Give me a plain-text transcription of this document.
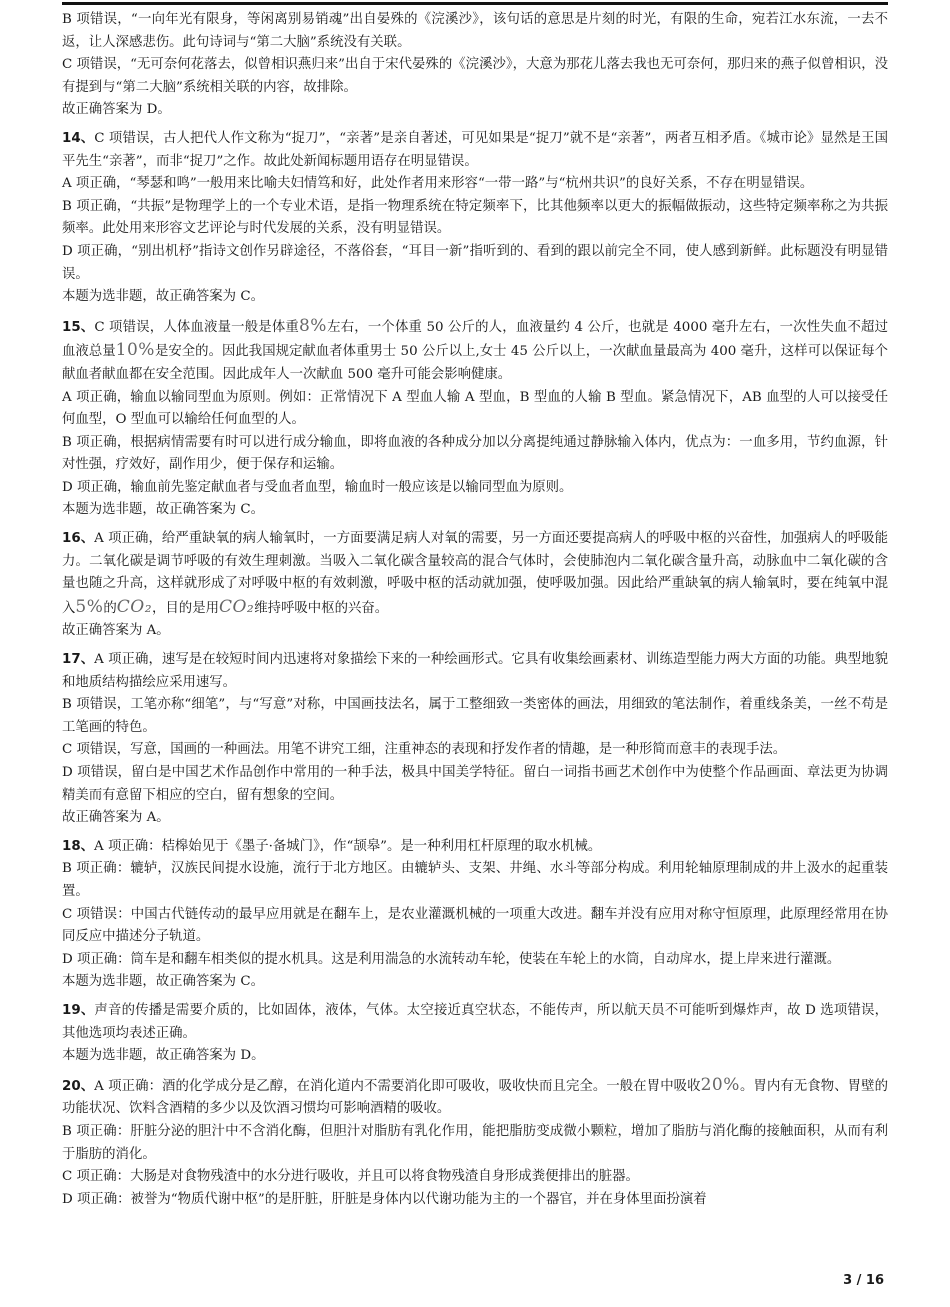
B 项错误，“一向年光有限身，等闲离别易销魂”出自晏殊的《浣溪沙》，该句话的意思是片刻的时光，有限的生命，宛若江水东流，一去不返，让人深感悲伤。此句诗词与“第二大脑”系统没有关联。

C 项错误，“无可奈何花落去，似曾相识燕归来”出自于宋代晏殊的《浣溪沙》，大意为那花儿落去我也无可奈何，那归来的燕子似曾相识，没有提到与“第二大脑”系统相关联的内容，故排除。

故正确答案为 D。

14、C 项错误，古人把代人作文称为“捉刀”，“亲著”是亲自著述，可见如果是“捉刀”就不是“亲著”，两者互相矛盾。《城市论》显然是王国平先生“亲著”，而非“捉刀”之作。故此处新闻标题用语存在明显错误。

A 项正确，“琴瑟和鸣”一般用来比喻夫妇情笃和好，此处作者用来形容“一带一路”与“杭州共识”的良好关系，不存在明显错误。

B 项正确，“共振”是物理学上的一个专业术语，是指一物理系统在特定频率下，比其他频率以更大的振幅做振动，这些特定频率称之为共振频率。此处用来形容文艺评论与时代发展的关系，没有明显错误。

D 项正确，“别出机杼”指诗文创作另辟途径，不落俗套，“耳目一新”指听到的、看到的跟以前完全不同，使人感到新鲜。此标题没有明显错误。

本题为选非题，故正确答案为 C。

15、C 项错误，人体血液量一般是体重8%左右，一个体重 50 公斤的人，血液量约 4 公斤，也就是 4000 毫升左右，一次性失血不超过血液总量10%是安全的。因此我国规定献血者体重男士 50 公斤以上,女士 45 公斤以上，一次献血量最高为 400 毫升，这样可以保证每个献血者献血都在安全范围。因此成年人一次献血 500 毫升可能会影响健康。

A 项正确，输血以输同型血为原则。例如：正常情况下 A 型血人输 A 型血，B 型血的人输 B 型血。紧急情况下，AB 血型的人可以接受任何血型，O 型血可以输给任何血型的人。

B 项正确，根据病情需要有时可以进行成分输血，即将血液的各种成分加以分离提纯通过静脉输入体内，优点为：一血多用，节约血源，针对性强，疗效好，副作用少，便于保存和运输。

D 项正确，输血前先鉴定献血者与受血者血型，输血时一般应该是以输同型血为原则。

本题为选非题，故正确答案为 C。

16、A 项正确，给严重缺氧的病人输氧时，一方面要满足病人对氧的需要，另一方面还要提高病人的呼吸中枢的兴奋性，加强病人的呼吸能力。二氧化碳是调节呼吸的有效生理刺激。当吸入二氧化碳含量较高的混合气体时，会使肺泡内二氧化碳含量升高，动脉血中二氧化碳的含量也随之升高，这样就形成了对呼吸中枢的有效刺激，呼吸中枢的活动就加强，使呼吸加强。因此给严重缺氧的病人输氧时，要在纯氧中混入5%的CO₂，目的是用CO₂维持呼吸中枢的兴奋。

故正确答案为 A。

17、A 项正确，速写是在较短时间内迅速将对象描绘下来的一种绘画形式。它具有收集绘画素材、训练造型能力两大方面的功能。典型地貌和地质结构描绘应采用速写。

B 项错误，工笔亦称“细笔”，与“写意”对称，中国画技法名，属于工整细致一类密体的画法，用细致的笔法制作，着重线条美，一丝不苟是工笔画的特色。

C 项错误，写意，国画的一种画法。用笔不讲究工细，注重神态的表现和抒发作者的情趣，是一种形简而意丰的表现手法。

D 项错误，留白是中国艺术作品创作中常用的一种手法，极具中国美学特征。留白一词指书画艺术创作中为使整个作品画面、章法更为协调精美而有意留下相应的空白，留有想象的空间。

故正确答案为 A。

18、A 项正确：桔槔始见于《墨子·备城门》，作“颉皋”。是一种利用杠杆原理的取水机械。

B 项正确：辘轳，汉族民间提水设施，流行于北方地区。由辘轳头、支架、井绳、水斗等部分构成。利用轮轴原理制成的井上汲水的起重装置。

C 项错误：中国古代链传动的最早应用就是在翻车上，是农业灌溉机械的一项重大改进。翻车并没有应用对称守恒原理，此原理经常用在协同反应中描述分子轨道。

D 项正确：筒车是和翻车相类似的提水机具。这是利用湍急的水流转动车轮，使装在车轮上的水筒，自动戽水，提上岸来进行灌溉。

本题为选非题，故正确答案为 C。

19、声音的传播是需要介质的，比如固体，液体，气体。太空接近真空状态，不能传声，所以航天员不可能听到爆炸声，故 D 选项错误，其他选项均表述正确。

本题为选非题，故正确答案为 D。

20、A 项正确：酒的化学成分是乙醇，在消化道内不需要消化即可吸收，吸收快而且完全。一般在胃中吸收20%。胃内有无食物、胃壁的功能状况、饮料含酒精的多少以及饮酒习惯均可影响酒精的吸收。

B 项正确：肝脏分泌的胆汁中不含消化酶，但胆汁对脂肪有乳化作用，能把脂肪变成微小颗粒，增加了脂肪与消化酶的接触面积，从而有利于脂肪的消化。

C 项正确：大肠是对食物残渣中的水分进行吸收，并且可以将食物残渣自身形成粪便排出的脏器。

D 项正确：被誉为“物质代谢中枢”的是肝脏，肝脏是身体内以代谢功能为主的一个器官，并在身体里面扮演着

3 / 16
